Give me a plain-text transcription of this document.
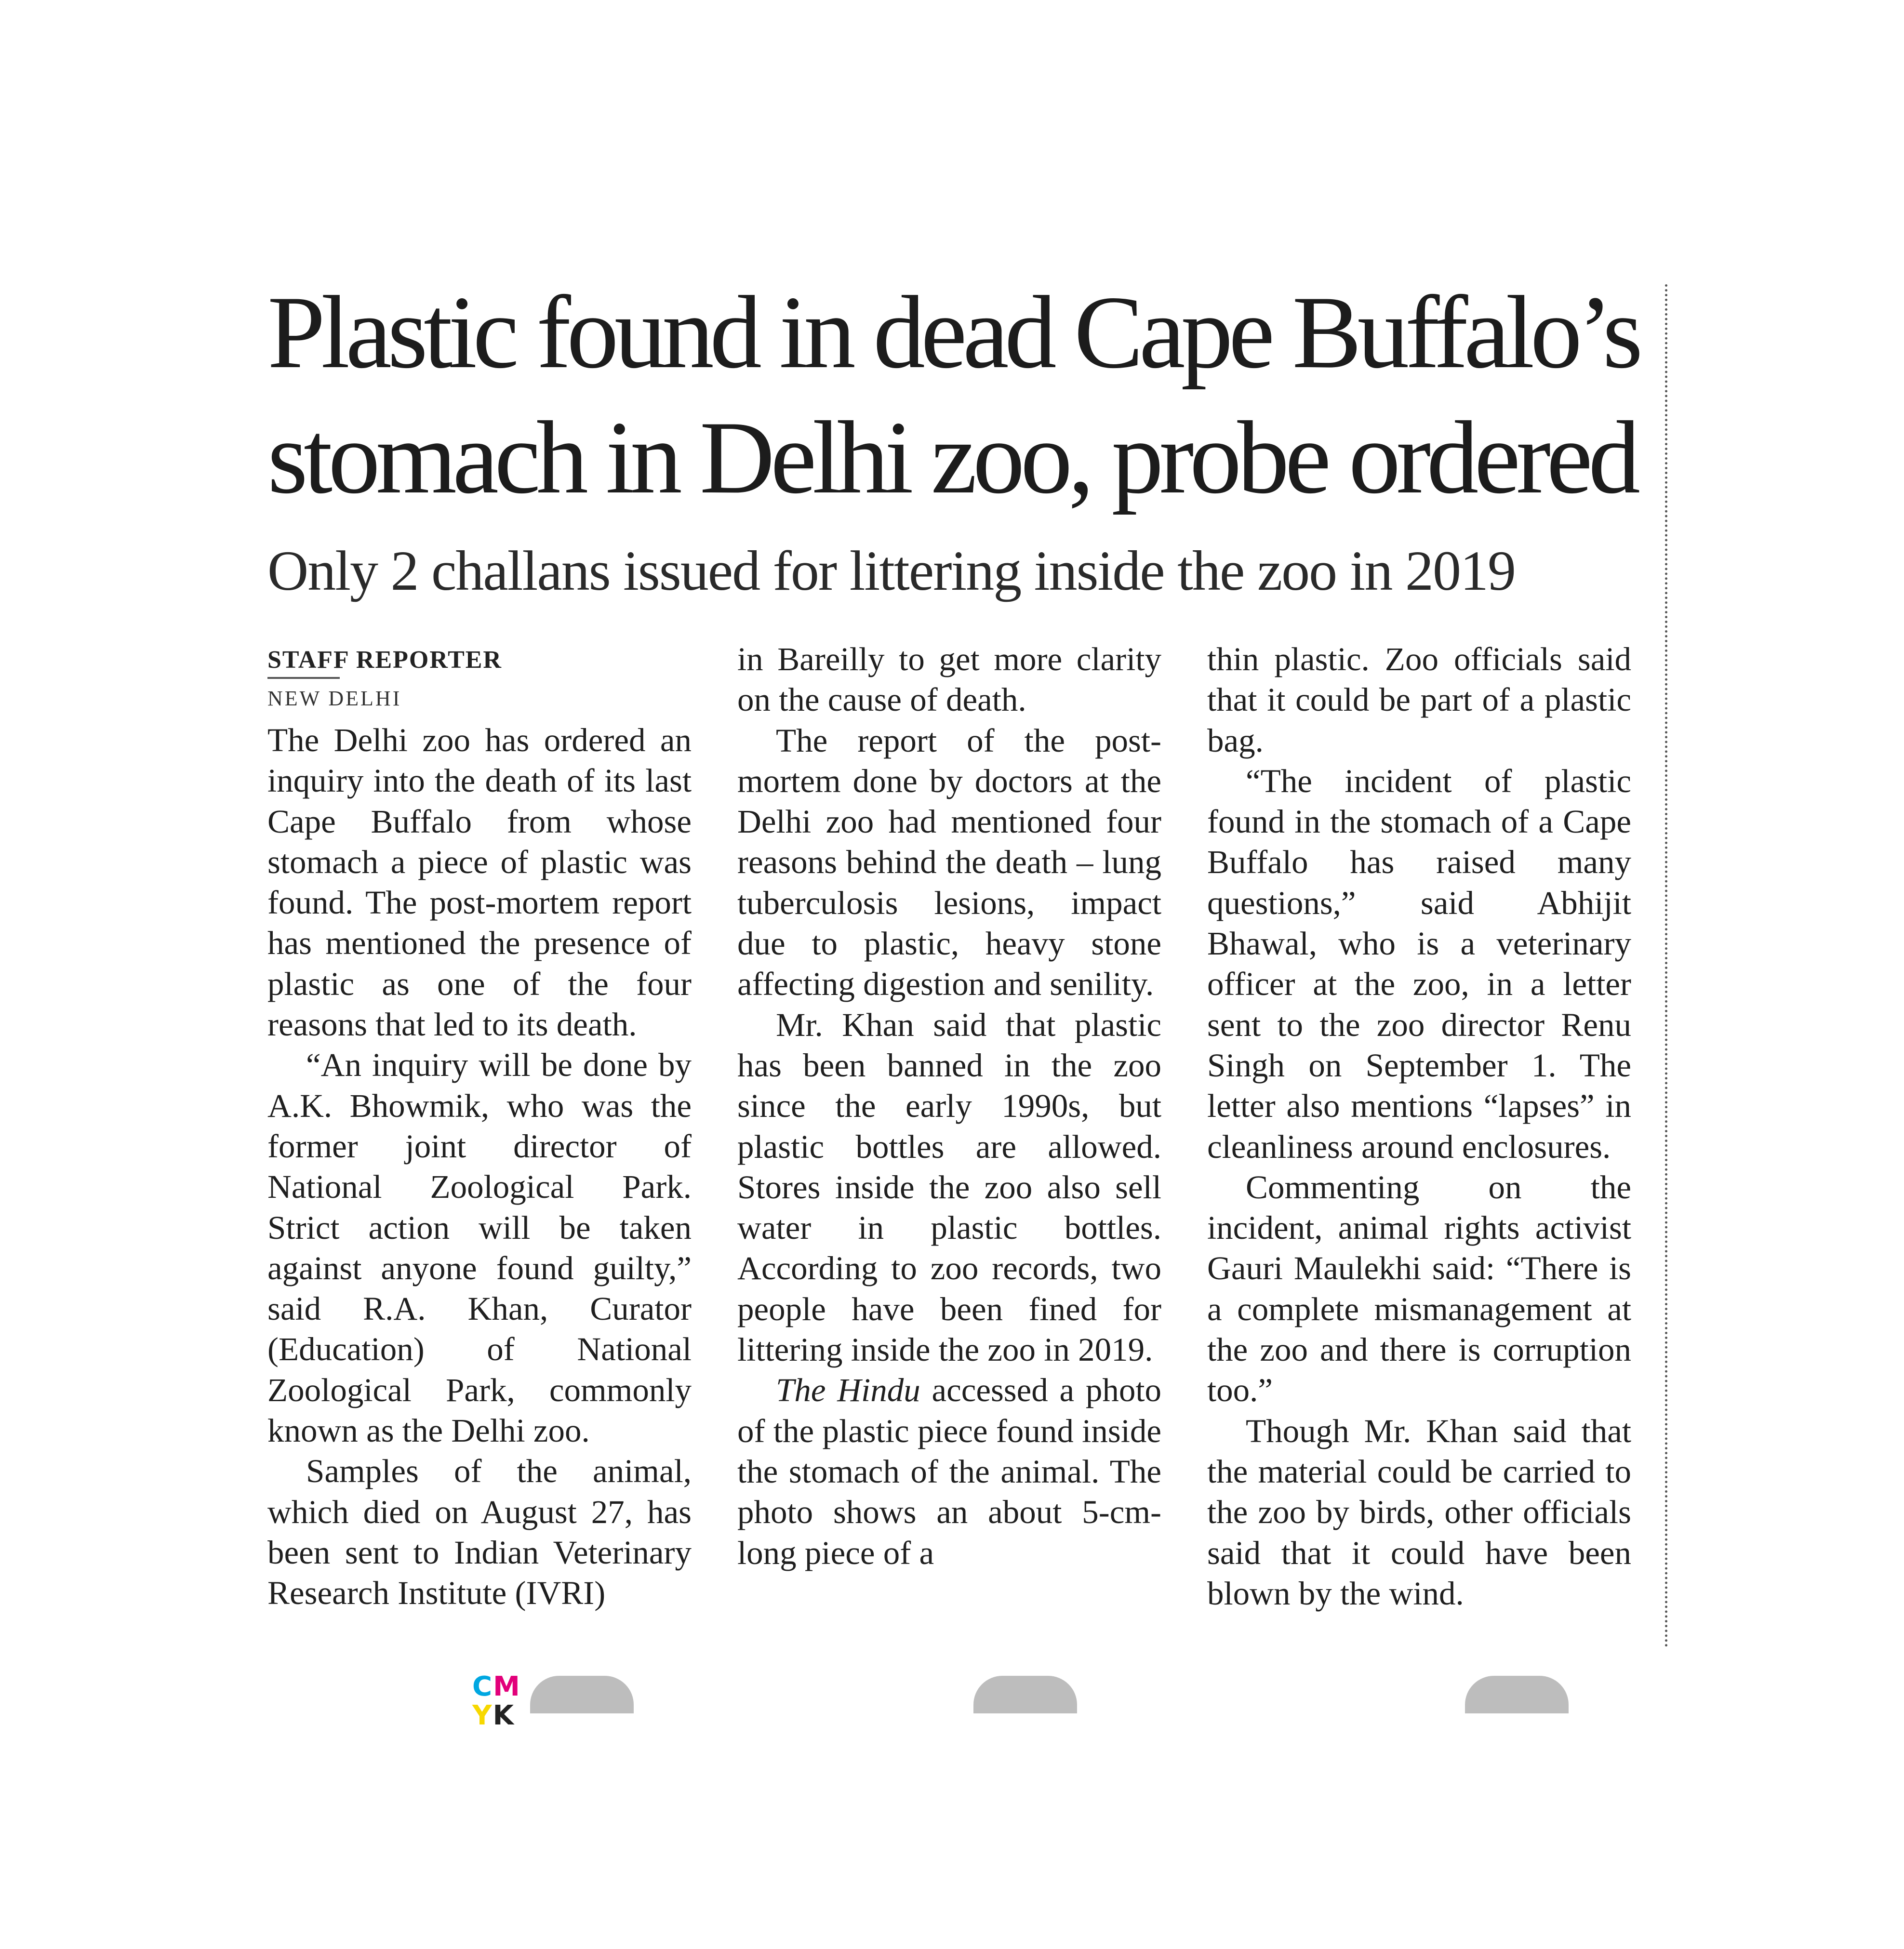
Plastic found in dead Cape Buffalo’s
stomach in Delhi zoo, probe ordered
Only 2 challans issued for littering inside the zoo in 2019
STAFF REPORTER
NEW DELHI

The Delhi zoo has ordered an inquiry into the death of its last Cape Buffalo from whose stomach a piece of plastic was found. The post-mortem report has mentioned the presence of plastic as one of the four reasons that led to its death.

“An inquiry will be done by A.K. Bhowmik, who was the former joint director of National Zoological Park. Strict action will be taken against anyone found guilty,” said R.A. Khan, Curator (Education) of National Zoological Park, commonly known as the Delhi zoo.

Samples of the animal, which died on August 27, has been sent to Indian Veterinary Research Institute (IVRI)

in Bareilly to get more clarity on the cause of death.

The report of the post-mortem done by doctors at the Delhi zoo had mentioned four reasons behind the death – lung tuberculosis lesions, impact due to plastic, heavy stone affecting digestion and senility.

Mr. Khan said that plastic has been banned in the zoo since the early 1990s, but plastic bottles are allowed. Stores inside the zoo also sell water in plastic bottles. According to zoo records, two people have been fined for littering inside the zoo in 2019.

The Hindu accessed a photo of the plastic piece found inside the stomach of the animal. The photo shows an about 5-cm-long piece of a

thin plastic. Zoo officials said that it could be part of a plastic bag.

“The incident of plastic found in the stomach of a Cape Buffalo has raised many questions,” said Abhijit Bhawal, who is a veterinary officer at the zoo, in a letter sent to the zoo director Renu Singh on September 1. The letter also mentions “lapses” in cleanliness around enclosures.

Commenting on the incident, animal rights activist Gauri Maulekhi said: “There is a complete mismanagement at the zoo and there is corruption too.”

Though Mr. Khan said that the material could be carried to the zoo by birds, other officials said that it could have been blown by the wind.

CM
YK
